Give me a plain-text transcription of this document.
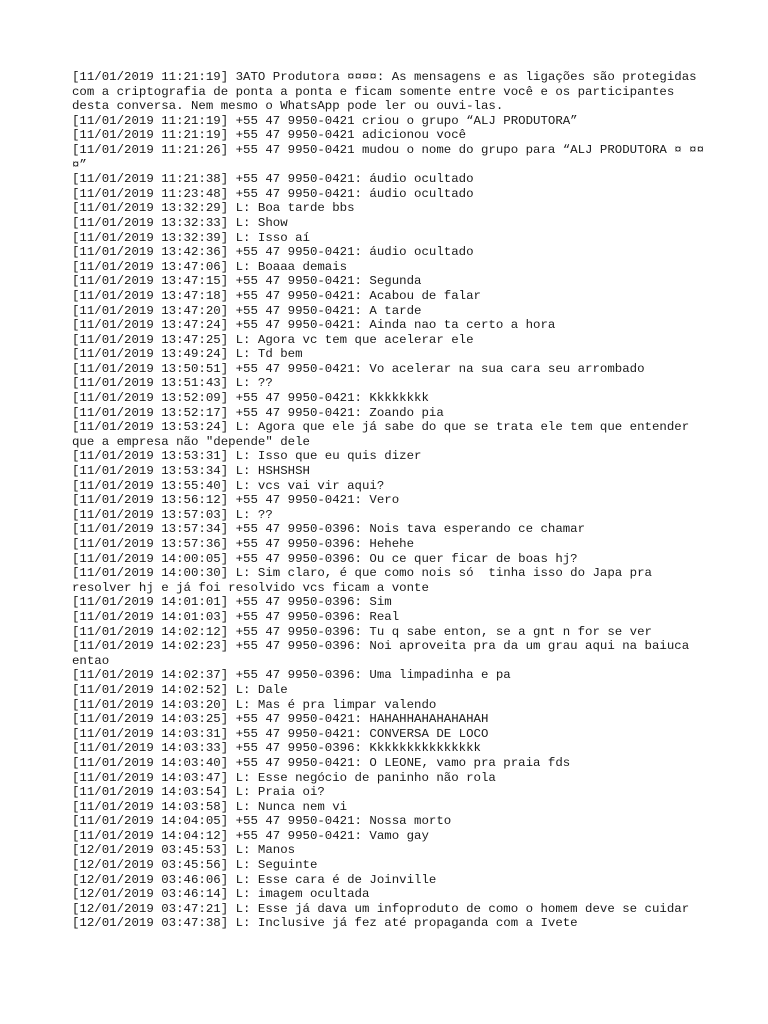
[11/01/2019 11:21:19] 3ATO Produtora ¤¤¤¤: As mensagens e as ligações são protegidas com a criptografia de ponta a ponta e ficam somente entre você e os participantes desta conversa. Nem mesmo o WhatsApp pode ler ou ouvi-las.
[11/01/2019 11:21:19] +55 47 9950-0421 criou o grupo “ALJ PRODUTORA”
[11/01/2019 11:21:19] +55 47 9950-0421 adicionou você
[11/01/2019 11:21:26] +55 47 9950-0421 mudou o nome do grupo para “ALJ PRODUTORA ¤ ¤¤¤”
[11/01/2019 11:21:38] +55 47 9950-0421: áudio ocultado
[11/01/2019 11:23:48] +55 47 9950-0421: áudio ocultado
[11/01/2019 13:32:29] L: Boa tarde bbs
[11/01/2019 13:32:33] L: Show
[11/01/2019 13:32:39] L: Isso aí
[11/01/2019 13:42:36] +55 47 9950-0421: áudio ocultado
[11/01/2019 13:47:06] L: Boaaa demais
[11/01/2019 13:47:15] +55 47 9950-0421: Segunda
[11/01/2019 13:47:18] +55 47 9950-0421: Acabou de falar
[11/01/2019 13:47:20] +55 47 9950-0421: A tarde
[11/01/2019 13:47:24] +55 47 9950-0421: Ainda nao ta certo a hora
[11/01/2019 13:47:25] L: Agora vc tem que acelerar ele
[11/01/2019 13:49:24] L: Td bem
[11/01/2019 13:50:51] +55 47 9950-0421: Vo acelerar na sua cara seu arrombado
[11/01/2019 13:51:43] L: ??
[11/01/2019 13:52:09] +55 47 9950-0421: Kkkkkkkk
[11/01/2019 13:52:17] +55 47 9950-0421: Zoando pia
[11/01/2019 13:53:24] L: Agora que ele já sabe do que se trata ele tem que entender que a empresa não "depende" dele
[11/01/2019 13:53:31] L: Isso que eu quis dizer
[11/01/2019 13:53:34] L: HSHSHSH
[11/01/2019 13:55:40] L: vcs vai vir aqui?
[11/01/2019 13:56:12] +55 47 9950-0421: Vero
[11/01/2019 13:57:03] L: ??
[11/01/2019 13:57:34] +55 47 9950-0396: Nois tava esperando ce chamar
[11/01/2019 13:57:36] +55 47 9950-0396: Hehehe
[11/01/2019 14:00:05] +55 47 9950-0396: Ou ce quer ficar de boas hj?
[11/01/2019 14:00:30] L: Sim claro, é que como nois só  tinha isso do Japa pra resolver hj e já foi resolvido vcs ficam a vonte
[11/01/2019 14:01:01] +55 47 9950-0396: Sim
[11/01/2019 14:01:03] +55 47 9950-0396: Real
[11/01/2019 14:02:12] +55 47 9950-0396: Tu q sabe enton, se a gnt n for se ver
[11/01/2019 14:02:23] +55 47 9950-0396: Noi aproveita pra da um grau aqui na baiuca entao
[11/01/2019 14:02:37] +55 47 9950-0396: Uma limpadinha e pa
[11/01/2019 14:02:52] L: Dale
[11/01/2019 14:03:20] L: Mas é pra limpar valendo
[11/01/2019 14:03:25] +55 47 9950-0421: HAHAHHAHAHAHAHAH
[11/01/2019 14:03:31] +55 47 9950-0421: CONVERSA DE LOCO
[11/01/2019 14:03:33] +55 47 9950-0396: Kkkkkkkkkkkkkkk
[11/01/2019 14:03:40] +55 47 9950-0421: O LEONE, vamo pra praia fds
[11/01/2019 14:03:47] L: Esse negócio de paninho não rola
[11/01/2019 14:03:54] L: Praia oi?
[11/01/2019 14:03:58] L: Nunca nem vi
[11/01/2019 14:04:05] +55 47 9950-0421: Nossa morto
[11/01/2019 14:04:12] +55 47 9950-0421: Vamo gay
[12/01/2019 03:45:53] L: Manos
[12/01/2019 03:45:56] L: Seguinte
[12/01/2019 03:46:06] L: Esse cara é de Joinville
[12/01/2019 03:46:14] L: imagem ocultada
[12/01/2019 03:47:21] L: Esse já dava um infoproduto de como o homem deve se cuidar
[12/01/2019 03:47:38] L: Inclusive já fez até propaganda com a Ivete
